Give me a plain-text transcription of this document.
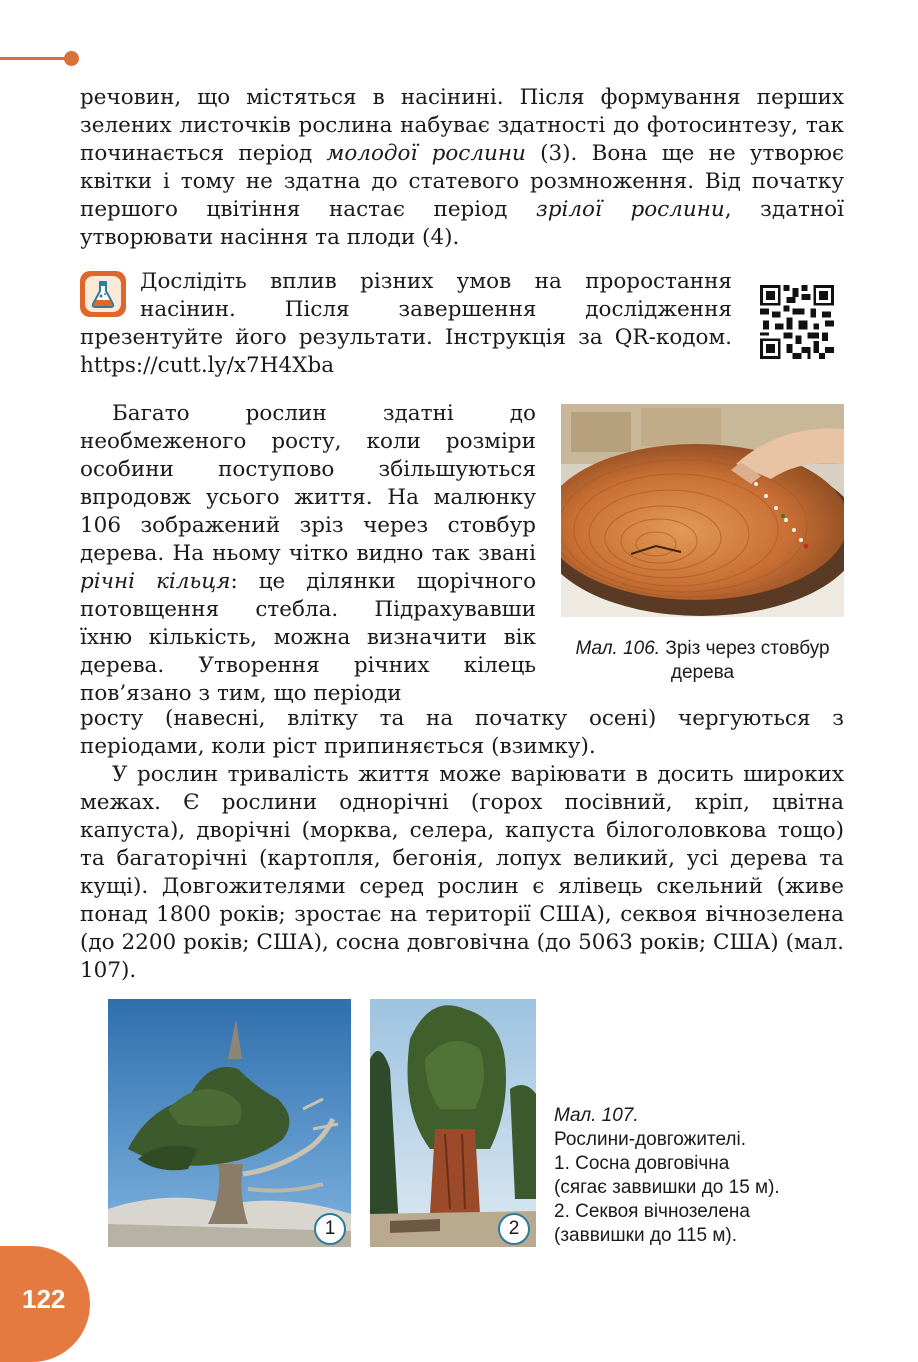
речовин, що містяться в насінині. Після формування перших зелених листочків рослина набуває здатності до фотосинтезу, так починається період молодої рослини (3). Вона ще не утворює квітки і тому не здатна до статевого розмноження. Від початку першого цвітіння настає період зрілої рослини, здатної утворювати насіння та плоди (4).

Дослідіть вплив різних умов на проростання насінин. Після завершення дослідження презентуйте його результати. Інструкція за QR-кодом. https://cutt.ly/x7H4Xba

Багато рослин здатні до необмеженого росту, коли розміри особини поступово збільшуються впродовж усього життя. На малюнку 106 зображений зріз через стовбур дерева. На ньому чітко видно так звані річні кільця: це ділянки щорічного потовщення стебла. Підрахувавши їхню кількість, можна визначити вік дерева. Утворення річних кілець пов’язано з тим, що періоди

росту (навесні, влітку та на початку осені) чергуються з періодами, коли ріст припиняється (взимку).

Мал. 106. Зріз через стовбур дерева

У рослин тривалість життя може варіювати в досить широких межах. Є рослини однорічні (горох посівний, кріп, цвітна капуста), дворічні (морква, селера, капуста білоголовкова тощо) та багаторічні (картопля, бегонія, лопух великий, усі дерева та кущі). Довгожителями серед рослин є ялівець скельний (живе понад 1800 років; зростає на території США), секвоя вічнозелена (до 2200 років; США), сосна довговічна (до 5063 років; США) (мал. 107).

1	2
Мал. 107.
Рослини-довгожителі.
1. Сосна довговічна
(сягає заввишки до 15 м).
2. Секвоя вічнозелена
(заввишки до 115 м).
122
